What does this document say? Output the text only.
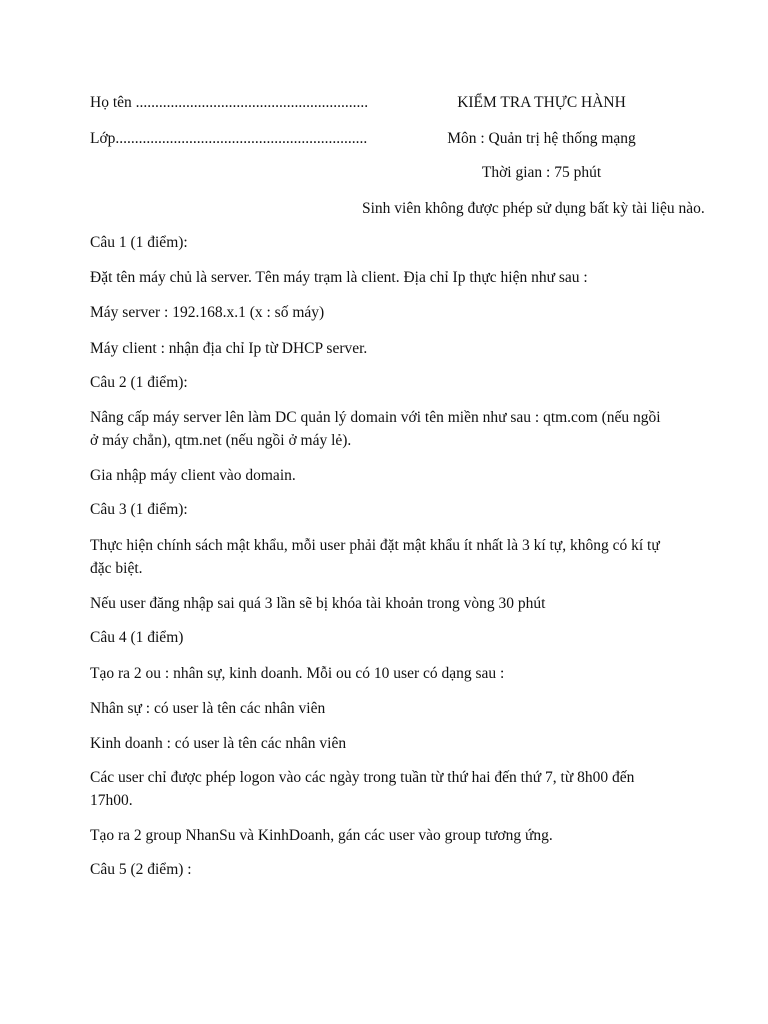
Họ tên ............................................................
Lớp.................................................................
KIỂM TRA THỰC HÀNH
Môn : Quản trị hệ thống mạng
Thời gian : 75 phút
Sinh viên không được phép sử dụng bất kỳ tài liệu nào.
Câu 1 (1 điểm):

Đặt tên máy chủ là server. Tên máy trạm là client. Địa chỉ Ip thực hiện như sau :

Máy server : 192.168.x.1 (x : số máy)

Máy client : nhận địa chỉ Ip từ DHCP server.

Câu 2 (1 điểm):

Nâng cấp máy server lên làm DC quản lý domain với tên miền như sau : qtm.com (nếu ngồi ở máy chẳn), qtm.net (nếu ngồi ở máy lẻ).

Gia nhập máy client vào domain.

Câu 3 (1 điểm):

Thực hiện chính sách mật khẩu, mỗi user phải đặt mật khẩu ít nhất là 3 kí tự, không có kí tự đặc biệt.

Nếu user đăng nhập sai quá 3 lần sẽ bị khóa tài khoản trong vòng 30 phút

Câu 4 (1 điểm)

Tạo ra 2 ou : nhân sự, kinh doanh. Mỗi ou có 10 user có dạng sau :

Nhân sự : có user là tên các nhân viên

Kinh doanh : có user là tên các nhân viên

Các user chỉ được phép logon vào các ngày trong tuần từ thứ hai đến thứ 7, từ 8h00 đến 17h00.

Tạo ra 2 group NhanSu và KinhDoanh, gán các user vào group tương ứng.

Câu 5 (2 điểm) :
